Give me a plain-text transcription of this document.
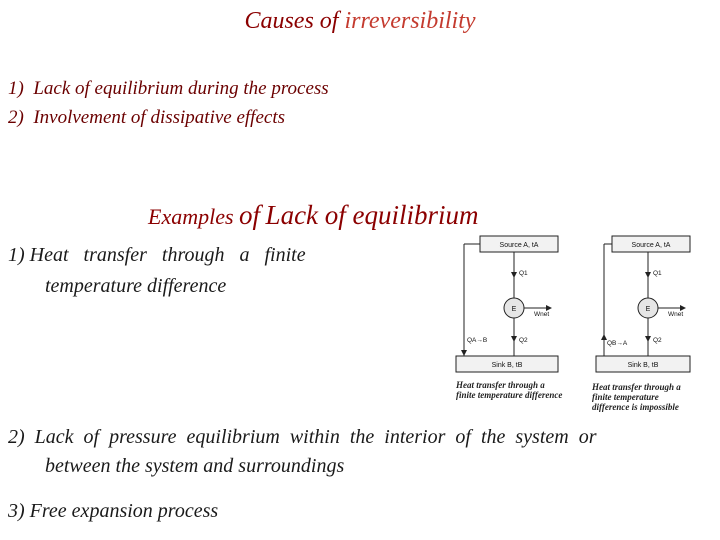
Causes of irreversibility
1) Lack of equilibrium during the process
2) Involvement of dissipative effects
Examples of Lack of equilibrium
1) Heat   transfer   through   a   finite
temperature difference
Source A, tA
Sink B, tB
QA→B
Q1
E
Wnet
Q2
Heat transfer through a finite temperature difference
Source A, tA
Sink B, tB
QB→A
Q1
E
Wnet
Q2
Heat transfer through a finite temperature difference is impossible
2) Lack  of  pressure  equilibrium  within  the  interior  of  the  system  or
between the system and surroundings
3) Free expansion process
